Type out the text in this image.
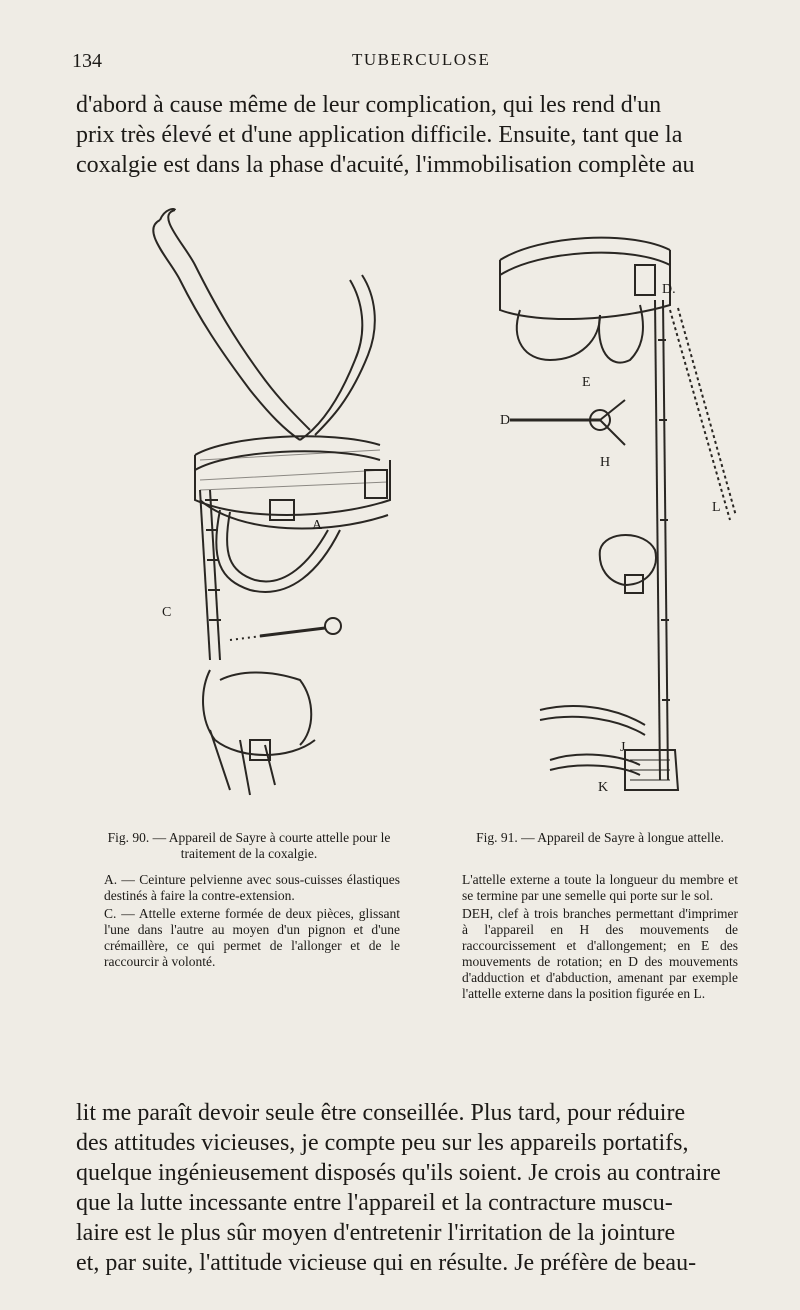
134	TUBERCULOSE
d'abord à cause même de leur complication, qui les rend d'un
prix très élevé et d'une application difficile. Ensuite, tant que la
coxalgie est dans la phase d'acuité, l'immobilisation complète au
A
C
D.
E
D
H
L
J
K
Fig. 90. — Appareil de Sayre à courte attelle pour le traitement de la coxalgie.
Fig. 91. — Appareil de Sayre à longue attelle.

A. — Ceinture pelvienne avec sous-cuisses élastiques destinés à faire la contre-extension.

C. — Attelle externe formée de deux pièces, glissant l'une dans l'autre au moyen d'un pignon et d'une crémaillère, ce qui permet de l'allonger et de le raccourcir à volonté.

L'attelle externe a toute la longueur du membre et se termine par une semelle qui porte sur le sol.

DEH, clef à trois branches permettant d'imprimer à l'appareil en H des mouvements de raccourcissement et d'allongement; en E des mouvements de rotation; en D des mouvements d'adduction et d'abduction, amenant par exemple l'attelle externe dans la position figurée en L.

lit me paraît devoir seule être conseillée. Plus tard, pour réduire
des attitudes vicieuses, je compte peu sur les appareils portatifs,
quelque ingénieusement disposés qu'ils soient. Je crois au contraire
que la lutte incessante entre l'appareil et la contracture muscu-
laire est le plus sûr moyen d'entretenir l'irritation de la jointure
et, par suite, l'attitude vicieuse qui en résulte. Je préfère de beau-
